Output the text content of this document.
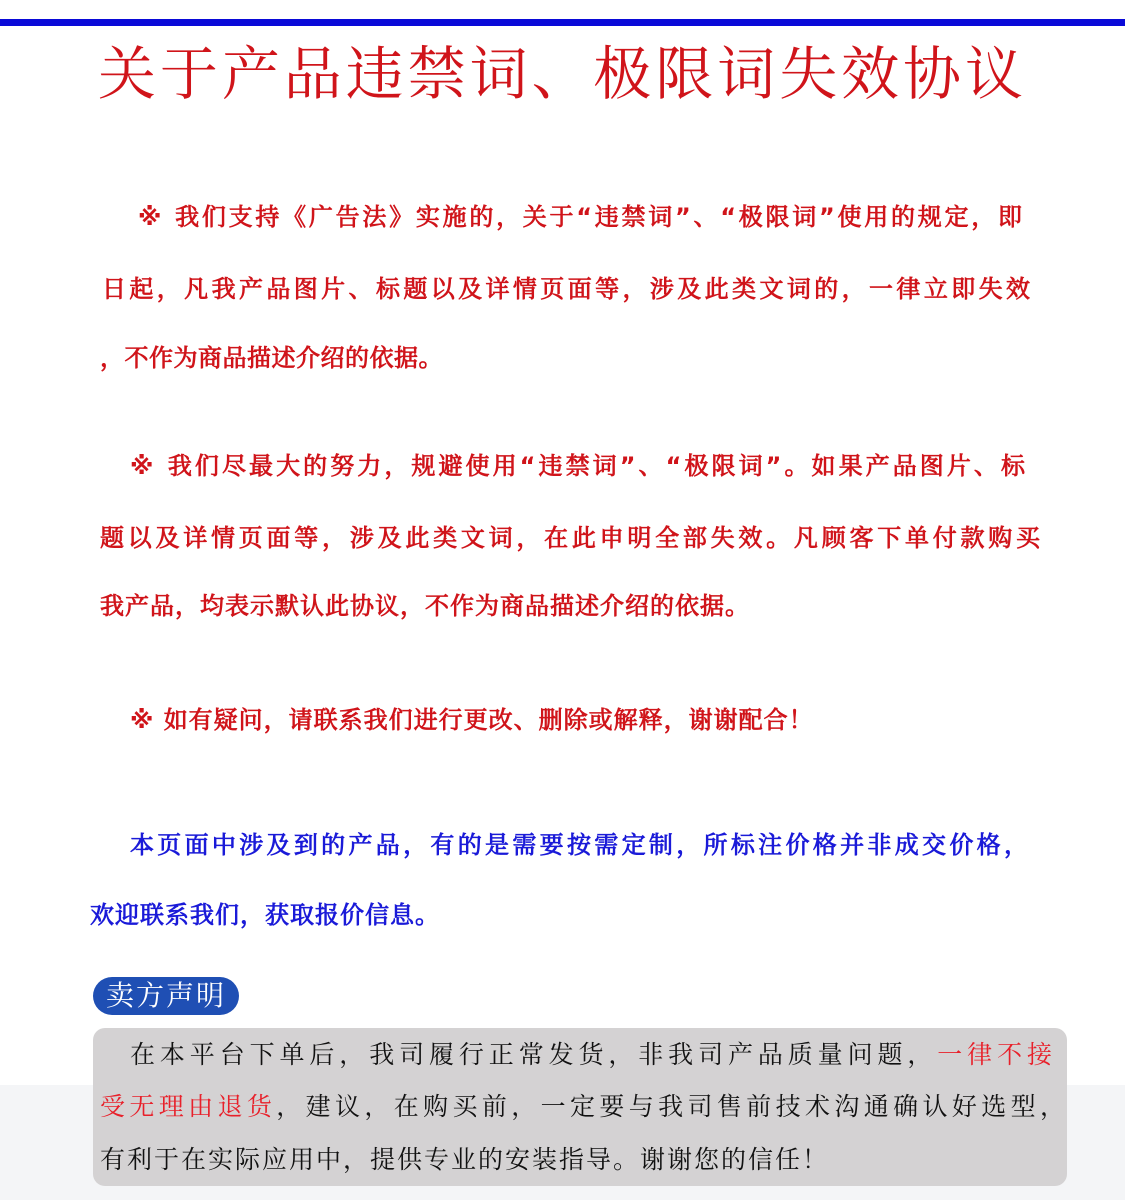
关于产品违禁词、极限词失效协议
※ 我们支持《广告法》实施的，关于“违禁词”、“极限词”使用的规定，即
日起，凡我产品图片、标题以及详情页面等，涉及此类文词的，一律立即失效
，不作为商品描述介绍的依据。
※ 我们尽最大的努力，规避使用“违禁词”、“极限词”。如果产品图片、标
题以及详情页面等，涉及此类文词，在此申明全部失效。凡顾客下单付款购买
我产品，均表示默认此协议，不作为商品描述介绍的依据。
※ 如有疑问，请联系我们进行更改、删除或解释，谢谢配合！
本页面中涉及到的产品，有的是需要按需定制，所标注价格并非成交价格，
欢迎联系我们，获取报价信息。
卖方声明
在本平台下单后，我司履行正常发货，非我司产品质量问题，一律不接
受无理由退货，建议，在购买前，一定要与我司售前技术沟通确认好选型，
有利于在实际应用中，提供专业的安装指导。谢谢您的信任！
